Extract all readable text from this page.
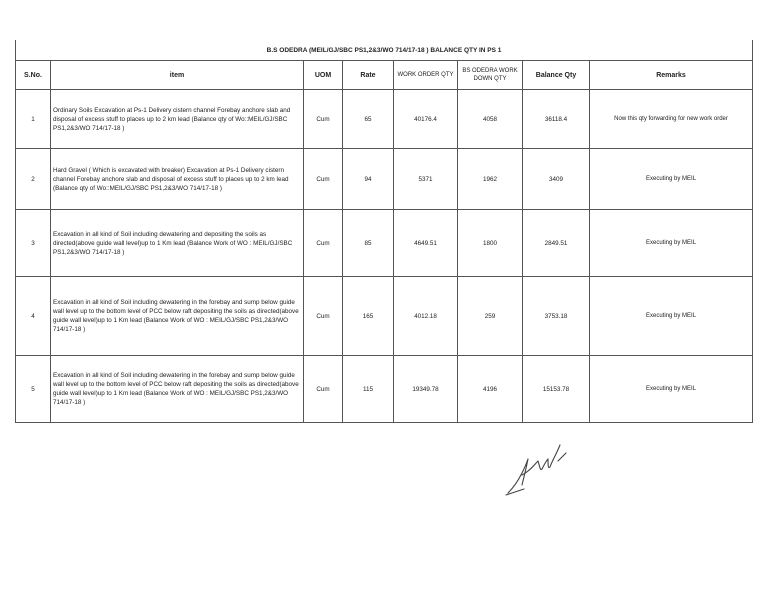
B.S ODEDRA (MEIL/GJ/SBC PS1,2&3/WO 714/17-18 ) BALANCE QTY IN PS 1							
S.No.	item	UOM	Rate	WORK ORDER QTY	BS ODEDRA WORK DOWN QTY	Balance Qty	Remarks
1	Ordinary Soils Excavation at Ps-1 Delivery cistern channel Forebay anchore slab and disposal of excess stuff to places up to 2 km lead (Balance qty of Wo::MEIL/GJ/SBC PS1,2&3/WO 714/17-18 )	Cum	65	40176.4	4058	36118.4	Now this qty forwarding for new work order
2	Hard Gravel ( Which is excavated with breaker) Excavation at Ps-1 Delivery cistern channel Forebay anchore slab and disposal of excess stuff to places up to 2 km lead (Balance qty of Wo::MEIL/GJ/SBC PS1,2&3/WO 714/17-18 )	Cum	94	5371	1962	3409	Executing by MEIL
3	Excavation in all kind of Soil including dewatering and depositing the soils as directed(above guide wall level)up to 1 Km lead (Balance Work of WO : MEIL/GJ/SBC PS1,2&3/WO 714/17-18 )	Cum	85	4649.51	1800	2849.51	Executing by MEIL
4	Excavation in all kind of Soil including dewatering in the forebay and sump below guide wall level up to the bottom level of PCC below raft depositing the soils as directed(above guide wall level)up to 1 Km lead (Balance Work of WO : MEIL/GJ/SBC PS1,2&3/WO 714/17-18 )	Cum	165	4012.18	259	3753.18	Executing by MEIL
5	Excavation in all kind of Soil including dewatering in the forebay and sump below guide wall level up to the bottom level of PCC below raft depositing the soils as directed(above guide wall level)up to 1 Km lead (Balance Work of WO : MEIL/GJ/SBC PS1,2&3/WO 714/17-18 )	Cum	115	19349.78	4196	15153.78	Executing by MEIL
